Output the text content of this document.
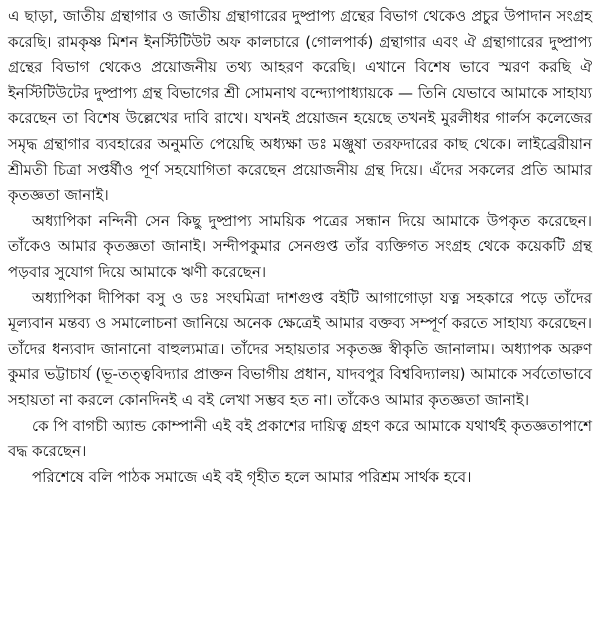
এ ছাড়া, জাতীয় গ্রন্থাগার ও জাতীয় গ্রন্থাগারের দুষ্প্রাপ্য গ্রন্থের বিভাগ থেকেও প্রচুর উপাদান সংগ্রহ করেছি। রামকৃষ্ণ মিশন ইনস্টিটিউট অফ কালচারে (গোলপার্ক) গ্রন্থাগার এবং ঐ গ্রন্থাগারের দুষ্প্রাপ্য গ্রন্থের বিভাগ থেকেও প্রয়োজনীয় তথ্য আহরণ করেছি। এখানে বিশেষ ভাবে স্মরণ করছি ঐ ইনস্টিটিউটের দুষ্প্রাপ্য গ্রন্থ বিভাগের শ্রী সোমনাথ বন্দ্যোপাধ্যায়কে — তিনি যেভাবে আমাকে সাহায্য করেছেন তা বিশেষ উল্লেখের দাবি রাখে। যখনই প্রয়োজন হয়েছে তখনই মুরলীধর গার্লস কলেজের সমৃদ্ধ গ্রন্থাগার ব্যবহারের অনুমতি পেয়েছি অধ্যক্ষা ডঃ মঞ্জুষা তরফদারের কাছ থেকে। লাইব্রেরীয়ান শ্রীমতী চিত্রা সপ্তর্ষীও পূর্ণ সহযোগিতা করেছেন প্রয়োজনীয় গ্রন্থ দিয়ে। এঁদের সকলের প্রতি আমার কৃতজ্ঞতা জানাই।

অধ্যাপিকা নন্দিনী সেন কিছু দুষ্প্রাপ্য সাময়িক পত্রের সন্ধান দিয়ে আমাকে উপকৃত করেছেন। তাঁকেও আমার কৃতজ্ঞতা জানাই। সন্দীপকুমার সেনগুপ্ত তাঁর ব্যক্তিগত সংগ্রহ থেকে কয়েকটি গ্রন্থ পড়বার সুযোগ দিয়ে আমাকে ঋণী করেছেন।

অধ্যাপিকা দীপিকা বসু ও ডঃ সংঘমিত্রা দাশগুপ্ত বইটি আগাগোড়া যত্ন সহকারে পড়ে তাঁদের মূল্যবান মন্তব্য ও সমালোচনা জানিয়ে অনেক ক্ষেত্রেই আমার বক্তব্য সম্পূর্ণ করতে সাহায্য করেছেন। তাঁদের ধন্যবাদ জানানো বাহুল্যমাত্র। তাঁদের সহায়তার সকৃতজ্ঞ স্বীকৃতি জানালাম। অধ্যাপক অরুণ কুমার ভট্টাচার্য (ভূ-তত্ত্ববিদ্যার প্রাক্তন বিভাগীয় প্রধান, যাদবপুর বিশ্ববিদ্যালয়) আমাকে সর্বতোভাবে সহায়তা না করলে কোনদিনই এ বই লেখা সম্ভব হত না। তাঁকেও আমার কৃতজ্ঞতা জানাই।

কে পি বাগচী অ্যান্ড কোম্পানী এই বই প্রকাশের দায়িত্ব গ্রহণ করে আমাকে যথার্থই কৃতজ্ঞতাপাশে বদ্ধ করেছেন।

পরিশেষে বলি পাঠক সমাজে এই বই গৃহীত হলে আমার পরিশ্রম সার্থক হবে।
